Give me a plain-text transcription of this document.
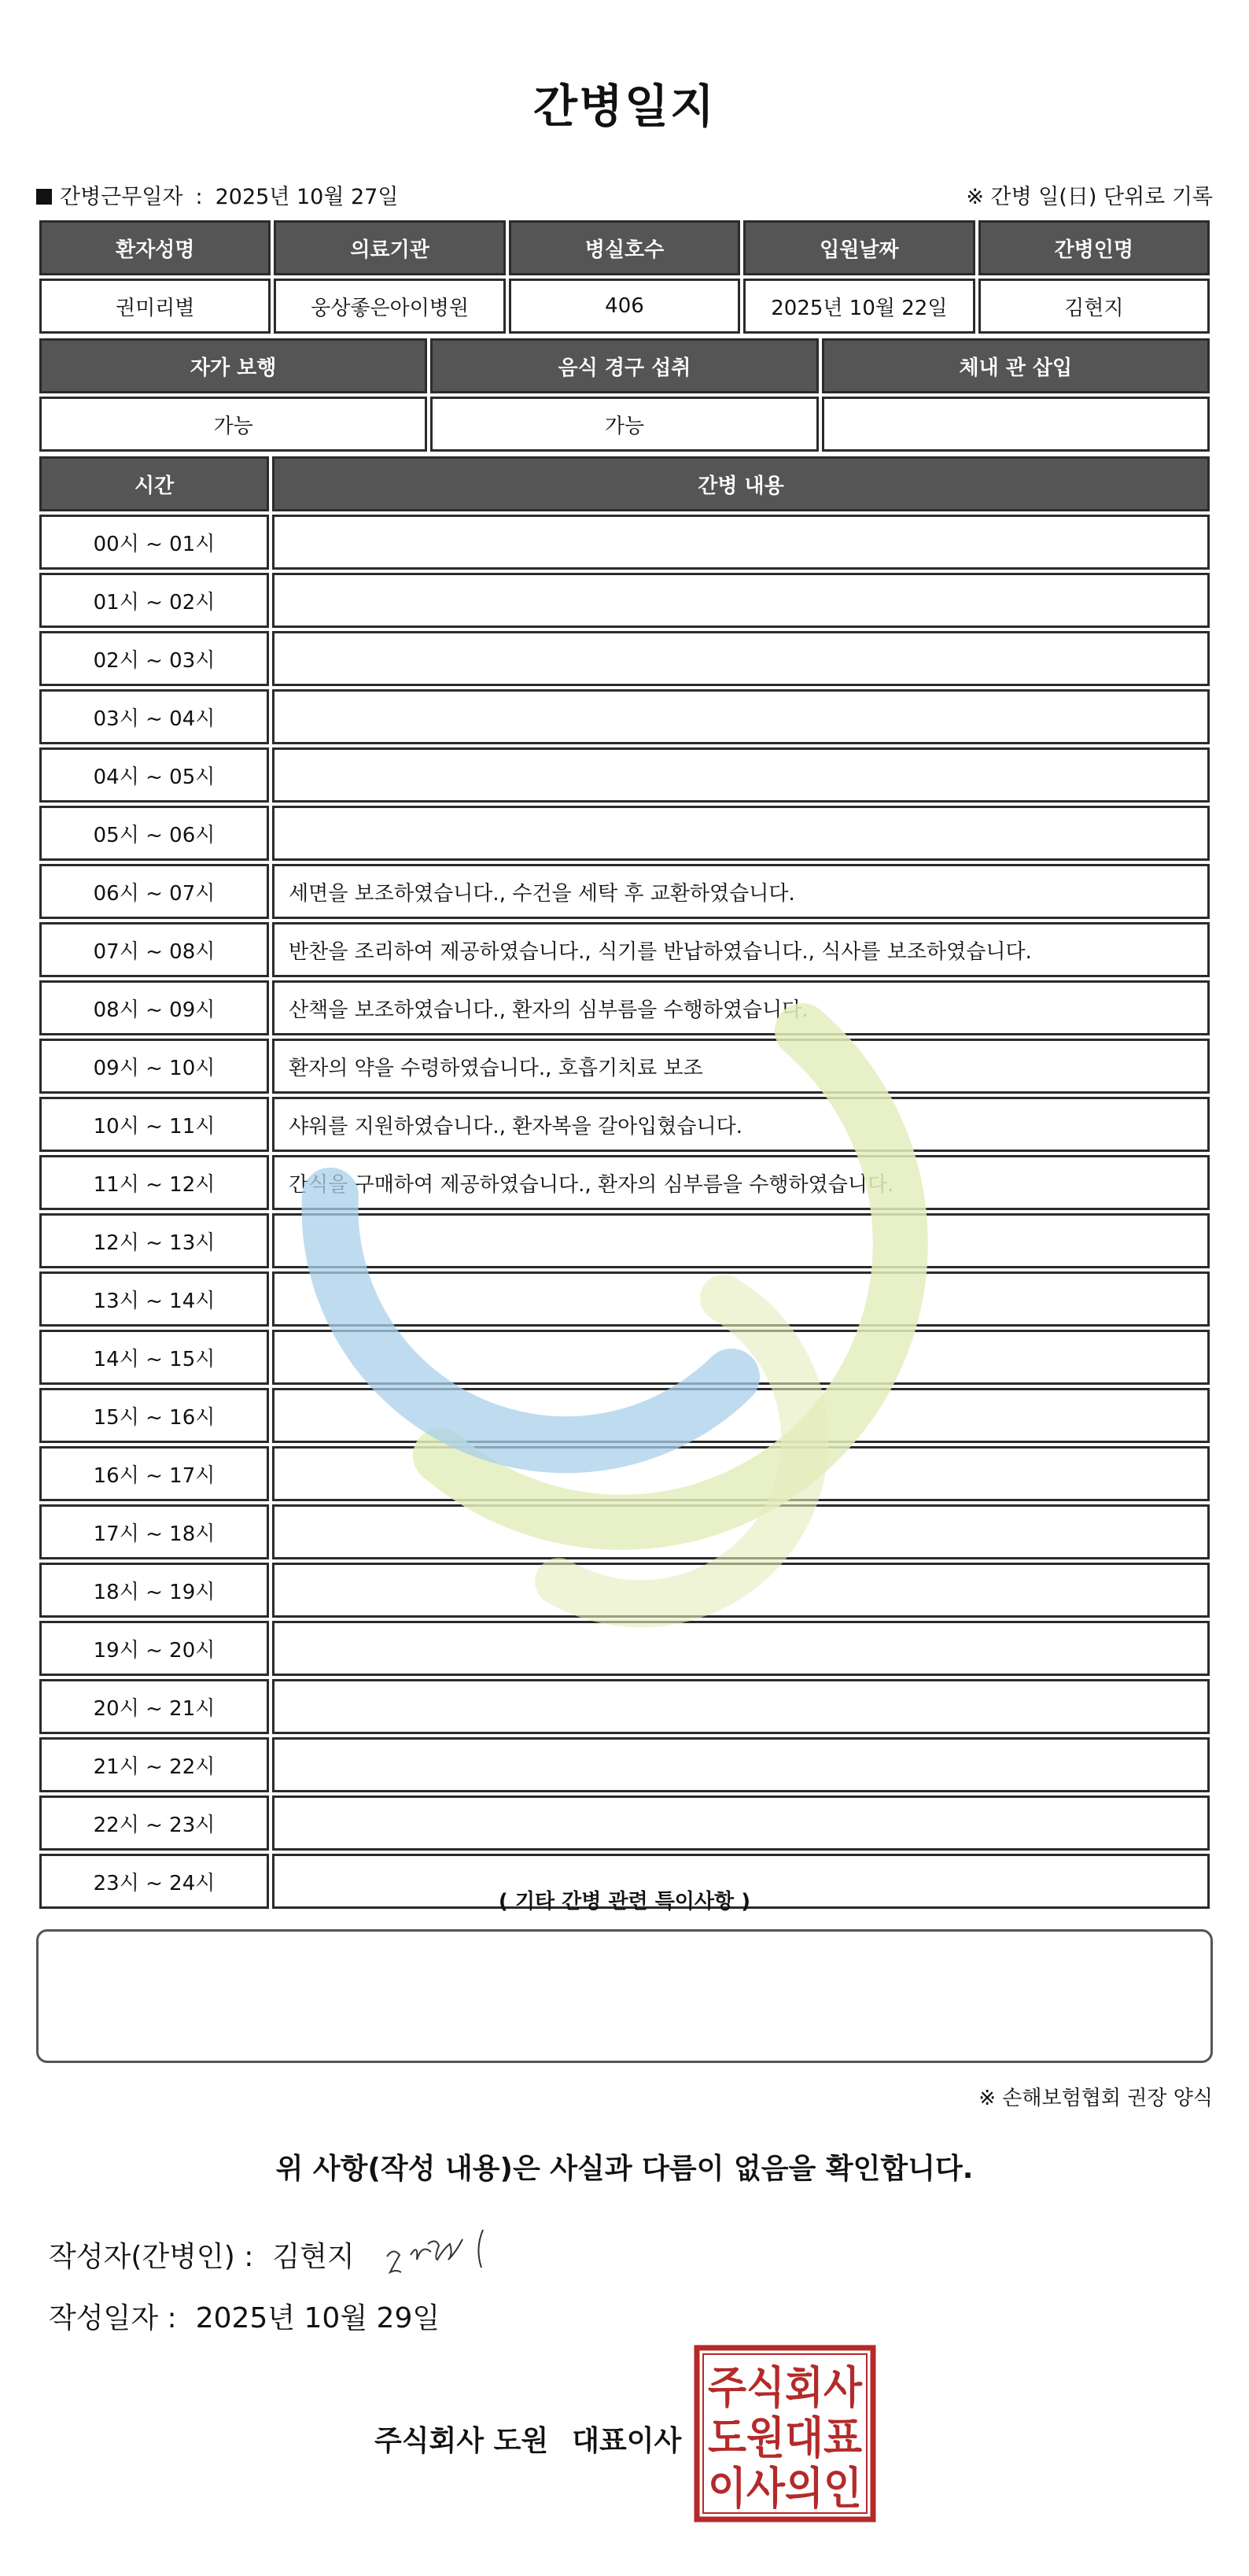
간병일지
간병근무일자 : 2025년 10월 27일	※ 간병 일(日) 단위로 기록
환자성명	의료기관	병실호수	입원날짜	간병인명
권미리별	웅상좋은아이병원	406	2025년 10월 22일	김현지
자가 보행	음식 경구 섭취	체내 관 삽입
가능	가능	
시간	간병 내용
00시 ~ 01시	
01시 ~ 02시	
02시 ~ 03시	
03시 ~ 04시	
04시 ~ 05시	
05시 ~ 06시	
06시 ~ 07시	세면을 보조하였습니다., 수건을 세탁 후 교환하였습니다.
07시 ~ 08시	반찬을 조리하여 제공하였습니다., 식기를 반납하였습니다., 식사를 보조하였습니다.
08시 ~ 09시	산책을 보조하였습니다., 환자의 심부름을 수행하였습니다.
09시 ~ 10시	환자의 약을 수령하였습니다., 호흡기치료 보조
10시 ~ 11시	샤워를 지원하였습니다., 환자복을 갈아입혔습니다.
11시 ~ 12시	간식을 구매하여 제공하였습니다., 환자의 심부름을 수행하였습니다.
12시 ~ 13시	
13시 ~ 14시	
14시 ~ 15시	
15시 ~ 16시	
16시 ~ 17시	
17시 ~ 18시	
18시 ~ 19시	
19시 ~ 20시	
20시 ~ 21시	
21시 ~ 22시	
22시 ~ 23시	
23시 ~ 24시	
( 기타 간병 관련 특이사항 )
※ 손해보험협회 권장 양식
위 사항(작성 내용)은 사실과 다름이 없음을 확인합니다.
작성자(간병인) : 김현지
작성일자 : 2025년 10월 29일
주식회사 도원 대표이사
주식회사
도원대표
이사의인
